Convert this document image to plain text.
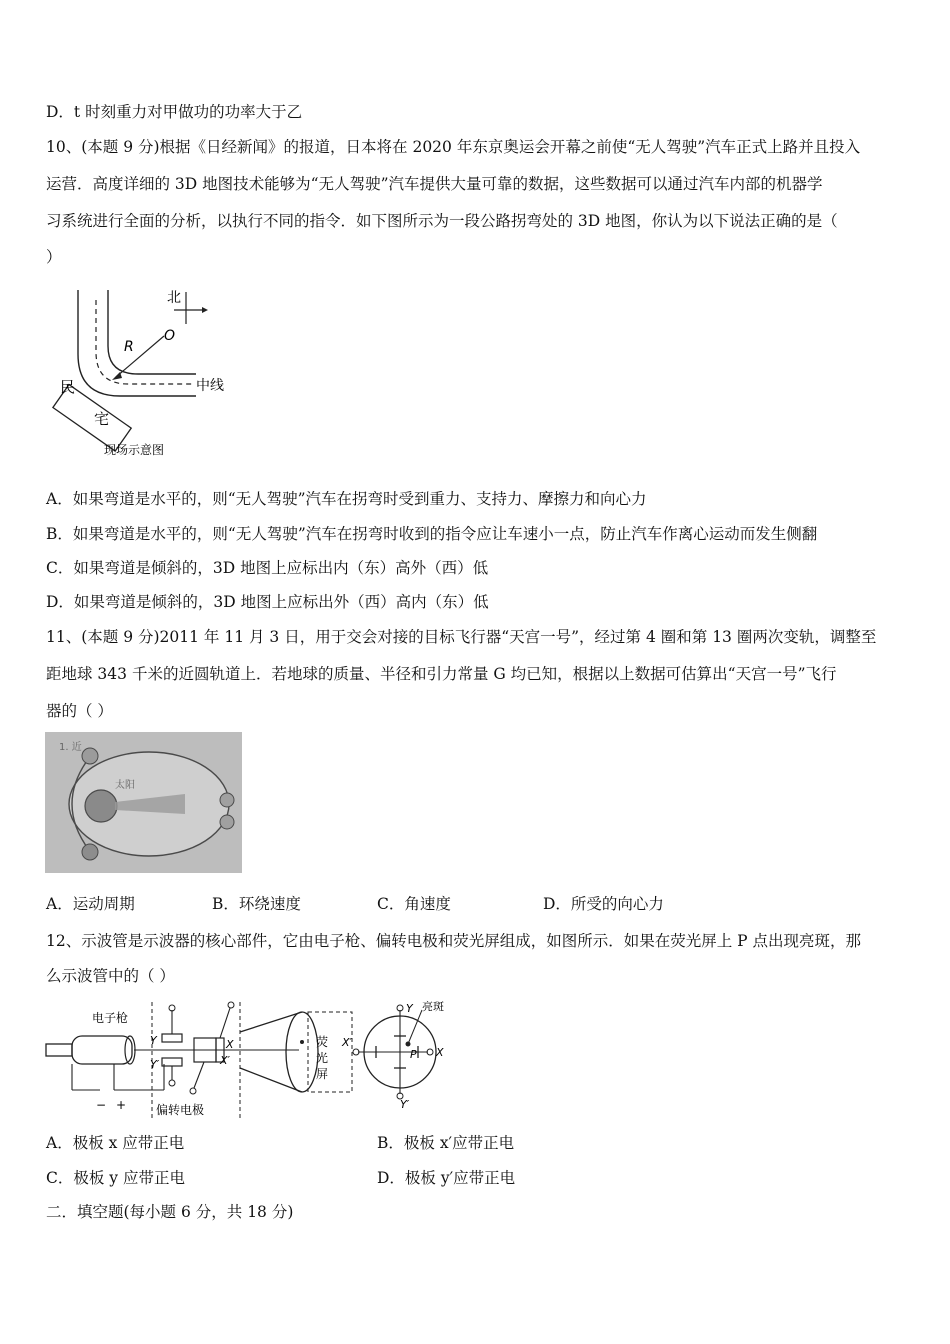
D．t 时刻重力对甲做功的功率大于乙
10、(本题 9 分)根据《日经新闻》的报道，日本将在 2020 年东京奥运会开幕之前使“无人驾驶”汽车正式上路并且投入
运营．高度详细的 3D 地图技术能够为“无人驾驶”汽车提供大量可靠的数据，这些数据可以通过汽车内部的机器学
习系统进行全面的分析，以执行不同的指令．如下图所示为一段公路拐弯处的 3D 地图，你认为以下说法正确的是（
）
北
O
R
中线
民
宅
现场示意图
A．如果弯道是水平的，则“无人驾驶”汽车在拐弯时受到重力、支持力、摩擦力和向心力
B．如果弯道是水平的，则“无人驾驶”汽车在拐弯时收到的指令应让车速小一点，防止汽车作离心运动而发生侧翻
C．如果弯道是倾斜的，3D 地图上应标出内（东）高外（西）低
D．如果弯道是倾斜的，3D 地图上应标出外（西）高内（东）低
11、(本题 9 分)2011 年 11 月 3 日，用于交会对接的目标飞行器“天宫一号”，经过第 4 圈和第 13 圈两次变轨，调整至
距地球 343 千米的近圆轨道上．若地球的质量、半径和引力常量 G 均已知，根据以上数据可估算出“天宫一号”飞行
器的（ ）
1. 近
太阳
A．运动周期	B．环绕速度	C．角速度	D．所受的向心力
12、示波管是示波器的核心部件，它由电子枪、偏转电极和荧光屏组成，如图所示．如果在荧光屏上 P 点出现亮斑，那
么示波管中的（ ）
电子枪
− +
Y
Y′
X
X′
偏转电极
荧
光
屏
Y
Y′
X′
X
P
亮斑
A．极板 x 应带正电	B．极板 x′应带正电
C．极板 y 应带正电	D．极板 y′应带正电
二．填空题(每小题 6 分，共 18 分)
